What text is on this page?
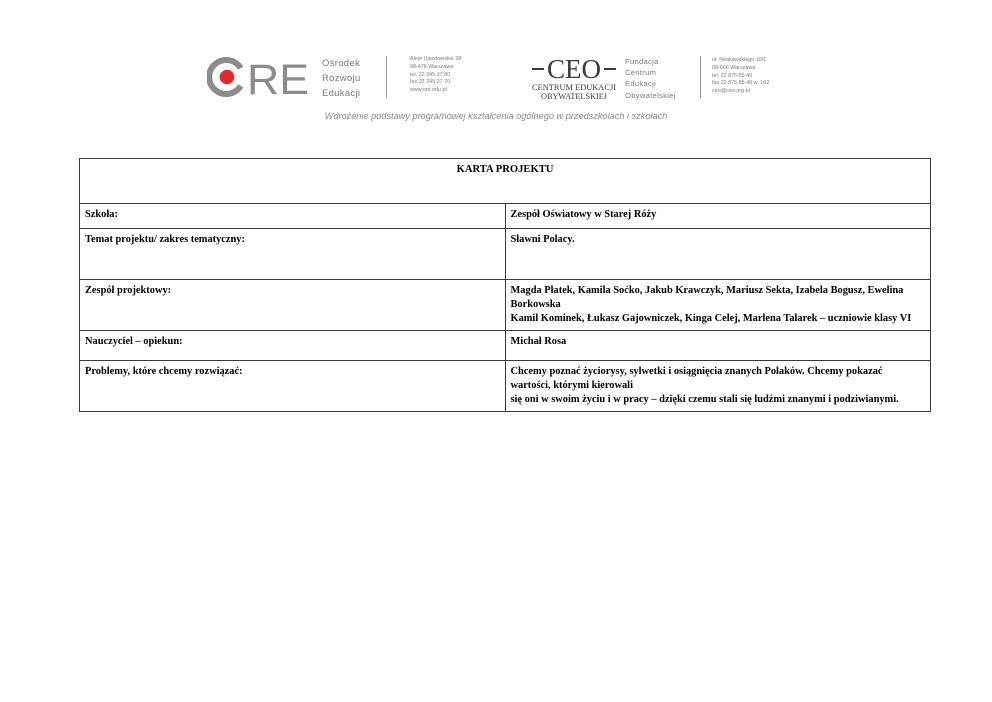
RE Ośrodek
Rozwoju
Edukacji
Aleje Ujazdowskie 28
00-478 Warszawa
tel. 22 345 37 00
fax 22 345 37 70
www.ore.edu.pl
CEO
CENTRUM EDUKACJI
OBYWATELSKIEJ
Fundacja
Centrum
Edukacji
Obywatelskiej
ul. Noakowskiego 10/1
00-666 Warszawa
tel. 22 875 85 40
fax 22 875 85 40 w. 102
ceo@ceo.org.pl
Wdrożenie podstawy programowej kształcenia ogólnego w przedszkolach i szkołach
KARTA PROJEKTU	
Szkoła:	Zespół Oświatowy w Starej Róży

Temat projektu/ zakres tematyczny:	Sławni Polacy.

Zespół projektowy:	Magda Płatek, Kamila Soćko, Jakub Krawczyk, Mariusz Sekta, Izabela Bogusz, Ewelina Borkowska
Kamil Kominek, Łukasz Gajowniczek, Kinga Celej, Marlena Talarek – uczniowie klasy VI

Nauczyciel – opiekun:	Michał Rosa

Problemy, które chcemy rozwiązać:	Chcemy poznać życiorysy, sylwetki i osiągnięcia znanych Polaków. Chcemy pokazać wartości, którymi kierowali
się oni w swoim życiu i w pracy – dzięki czemu stali się ludźmi znanymi i podziwianymi.
